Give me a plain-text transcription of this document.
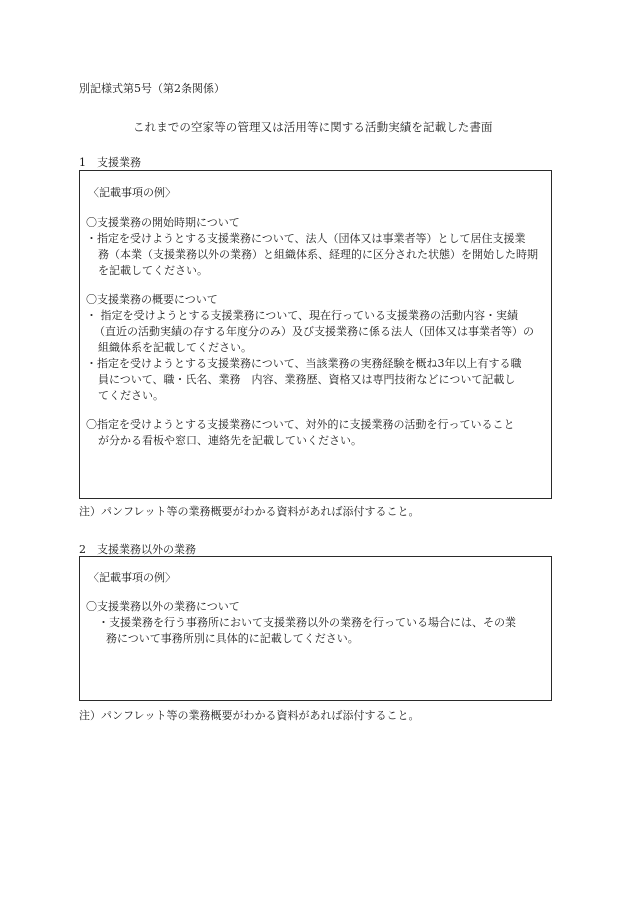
別記様式第5号（第2条関係）
これまでの空家等の管理又は活用等に関する活動実績を記載した書面
1　支援業務
〈記載事項の例〉
〇支援業務の開始時期について
・指定を受けようとする支援業務について、法人（団体又は事業者等）として居住支援業
務（本業（支援業務以外の業務）と組織体系、経理的に区分された状態）を開始した時期
を記載してください。
〇支援業務の概要について
・ 指定を受けようとする支援業務について、現在行っている支援業務の活動内容・実績
（直近の活動実績の存する年度分のみ）及び支援業務に係る法人（団体又は事業者等）の
組織体系を記載してください。
・指定を受けようとする支援業務について、当該業務の実務経験を概ね3年以上有する職
員について、職・氏名、業務　内容、業務歴、資格又は専門技術などについて記載し
てください。
〇指定を受けようとする支援業務について、対外的に支援業務の活動を行っていること
が分かる看板や窓口、連絡先を記載していください。
注）パンフレット等の業務概要がわかる資料があれば添付すること。
2　支援業務以外の業務
〈記載事項の例〉
〇支援業務以外の業務について
・支援業務を行う事務所において支援業務以外の業務を行っている場合には、その業
務について事務所別に具体的に記載してください。
注）パンフレット等の業務概要がわかる資料があれば添付すること。
